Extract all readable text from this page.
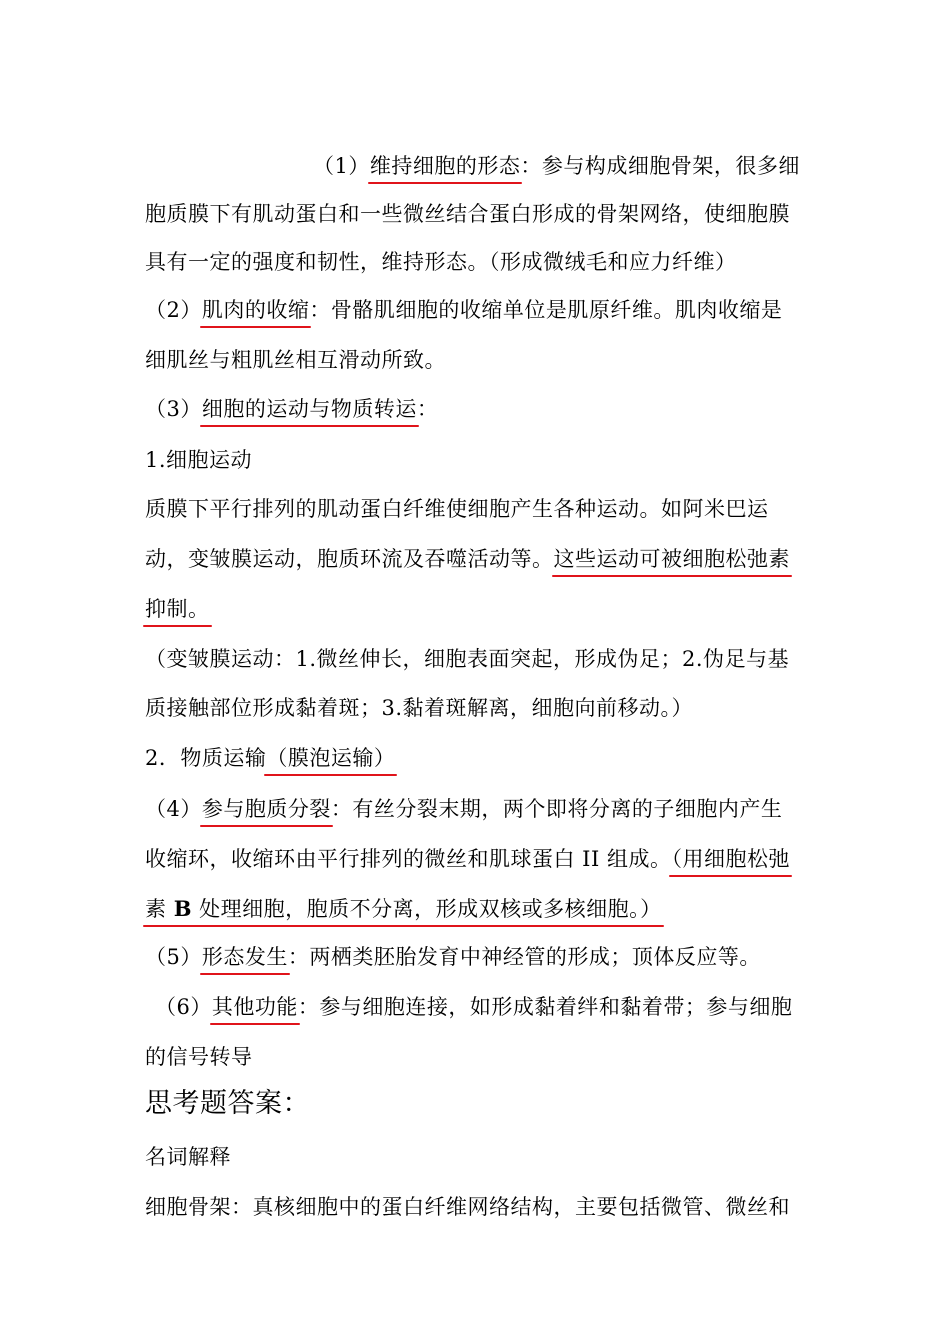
（1）维持细胞的形态：参与构成细胞骨架，很多细
胞质膜下有肌动蛋白和一些微丝结合蛋白形成的骨架网络，使细胞膜
具有一定的强度和韧性，维持形态。（形成微绒毛和应力纤维）
（2）肌肉的收缩：骨骼肌细胞的收缩单位是肌原纤维。肌肉收缩是
细肌丝与粗肌丝相互滑动所致。
（3）细胞的运动与物质转运：
1.细胞运动
质膜下平行排列的肌动蛋白纤维使细胞产生各种运动。如阿米巴运
动，变皱膜运动，胞质环流及吞噬活动等。这些运动可被细胞松弛素
抑制。
（变皱膜运动：1.微丝伸长，细胞表面突起，形成伪足；2.伪足与基
质接触部位形成黏着斑；3.黏着斑解离，细胞向前移动。）
2．物质运输（膜泡运输）
（4）参与胞质分裂：有丝分裂末期，两个即将分离的子细胞内产生
收缩环，收缩环由平行排列的微丝和肌球蛋白 II 组成。（用细胞松弛
素 B 处理细胞，胞质不分离，形成双核或多核细胞。）
（5）形态发生：两栖类胚胎发育中神经管的形成；顶体反应等。
（6）其他功能：参与细胞连接，如形成黏着绊和黏着带；参与细胞
的信号转导
思考题答案：
名词解释
细胞骨架：真核细胞中的蛋白纤维网络结构，主要包括微管、微丝和
